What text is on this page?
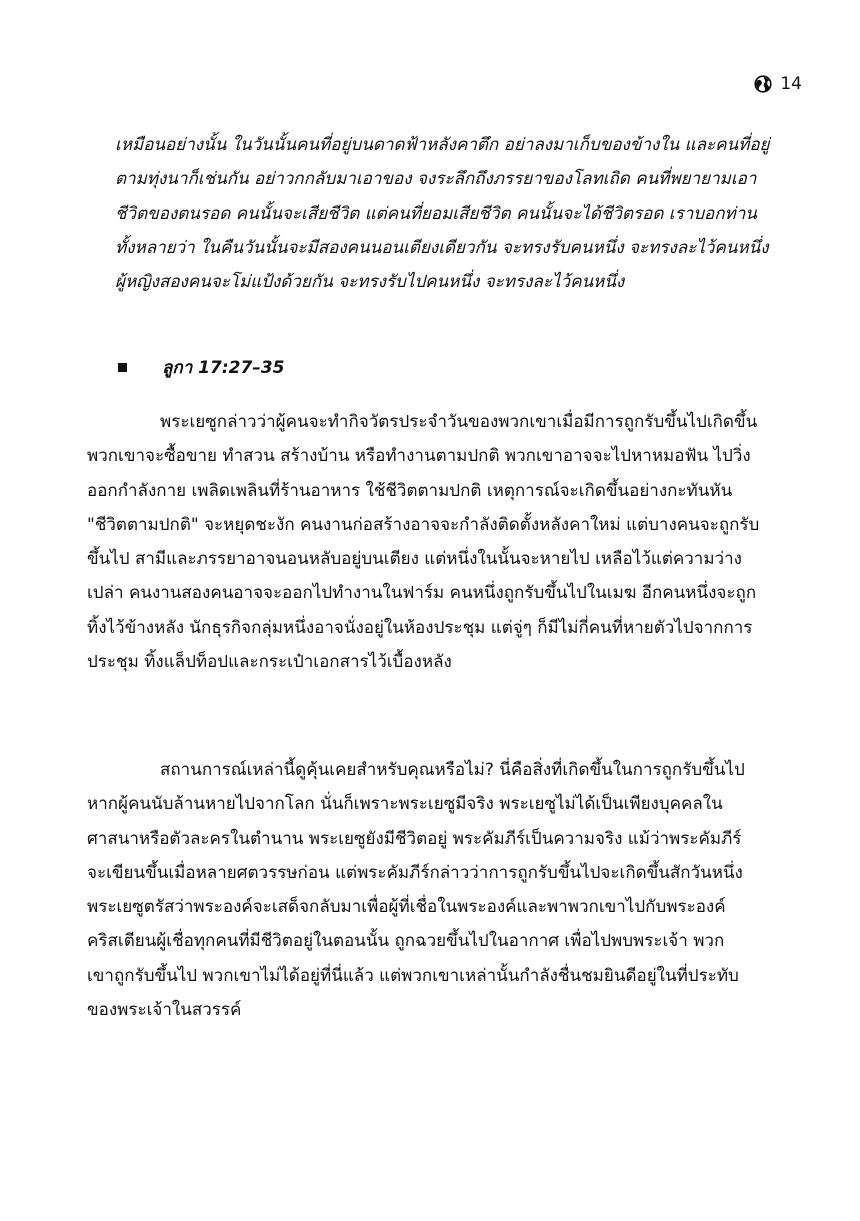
14

เหมือนอย่างนั้น ในวันนั้นคนที่อยู่บนดาดฟ้าหลังคาตึก อย่าลงมาเก็บของข้างใน และคนที่อยู่
ตามทุ่งนาก็เช่นกัน อย่าวกกลับมาเอาของ จงระลึกถึงภรรยาของโลทเถิด คนที่พยายามเอา
ชีวิตของตนรอด คนนั้นจะเสียชีวิต แต่คนที่ยอมเสียชีวิต คนนั้นจะได้ชีวิตรอด เราบอกท่าน
ทั้งหลายว่า ในคืนวันนั้นจะมีสองคนนอนเตียงเดียวกัน จะทรงรับคนหนึ่ง จะทรงละไว้คนหนึ่ง
ผู้หญิงสองคนจะโม่แป้งด้วยกัน จะทรงรับไปคนหนึ่ง จะทรงละไว้คนหนึ่ง

ลูกา 17:27–35

พระเยซูกล่าวว่าผู้คนจะทำกิจวัตรประจำวันของพวกเขาเมื่อมีการถูกรับขึ้นไปเกิดขึ้น
พวกเขาจะซื้อขาย ทำสวน สร้างบ้าน หรือทำงานตามปกติ พวกเขาอาจจะไปหาหมอฟัน ไปวิ่ง
ออกกำลังกาย เพลิดเพลินที่ร้านอาหาร ใช้ชีวิตตามปกติ เหตุการณ์จะเกิดขึ้นอย่างกะทันหัน
"ชีวิตตามปกติ" จะหยุดชะงัก คนงานก่อสร้างอาจจะกำลังติดตั้งหลังคาใหม่ แต่บางคนจะถูกรับ
ขึ้นไป สามีและภรรยาอาจนอนหลับอยู่บนเตียง แต่หนึ่งในนั้นจะหายไป เหลือไว้แต่ความว่าง
เปล่า คนงานสองคนอาจจะออกไปทำงานในฟาร์ม คนหนึ่งถูกรับขึ้นไปในเมฆ อีกคนหนึ่งจะถูก
ทิ้งไว้ข้างหลัง นักธุรกิจกลุ่มหนึ่งอาจนั่งอยู่ในห้องประชุม แต่จู่ๆ ก็มีไม่กี่คนที่หายตัวไปจากการ
ประชุม ทิ้งแล็ปท็อปและกระเป๋าเอกสารไว้เบื้องหลัง

สถานการณ์เหล่านี้ดูคุ้นเคยสำหรับคุณหรือไม่? นี่คือสิ่งที่เกิดขึ้นในการถูกรับขึ้นไป
หากผู้คนนับล้านหายไปจากโลก นั่นก็เพราะพระเยซูมีจริง พระเยซูไม่ได้เป็นเพียงบุคคลใน
ศาสนาหรือตัวละครในตำนาน พระเยซูยังมีชีวิตอยู่ พระคัมภีร์เป็นความจริง แม้ว่าพระคัมภีร์
จะเขียนขึ้นเมื่อหลายศตวรรษก่อน แต่พระคัมภีร์กล่าวว่าการถูกรับขึ้นไปจะเกิดขึ้นสักวันหนึ่ง
พระเยซูตรัสว่าพระองค์จะเสด็จกลับมาเพื่อผู้ที่เชื่อในพระองค์และพาพวกเขาไปกับพระองค์
คริสเตียนผู้เชื่อทุกคนที่มีชีวิตอยู่ในตอนนั้น ถูกฉวยขึ้นไปในอากาศ เพื่อไปพบพระเจ้า พวก
เขาถูกรับขึ้นไป พวกเขาไม่ได้อยู่ที่นี่แล้ว แต่พวกเขาเหล่านั้นกำลังชื่นชมยินดีอยู่ในที่ประทับ
ของพระเจ้าในสวรรค์
